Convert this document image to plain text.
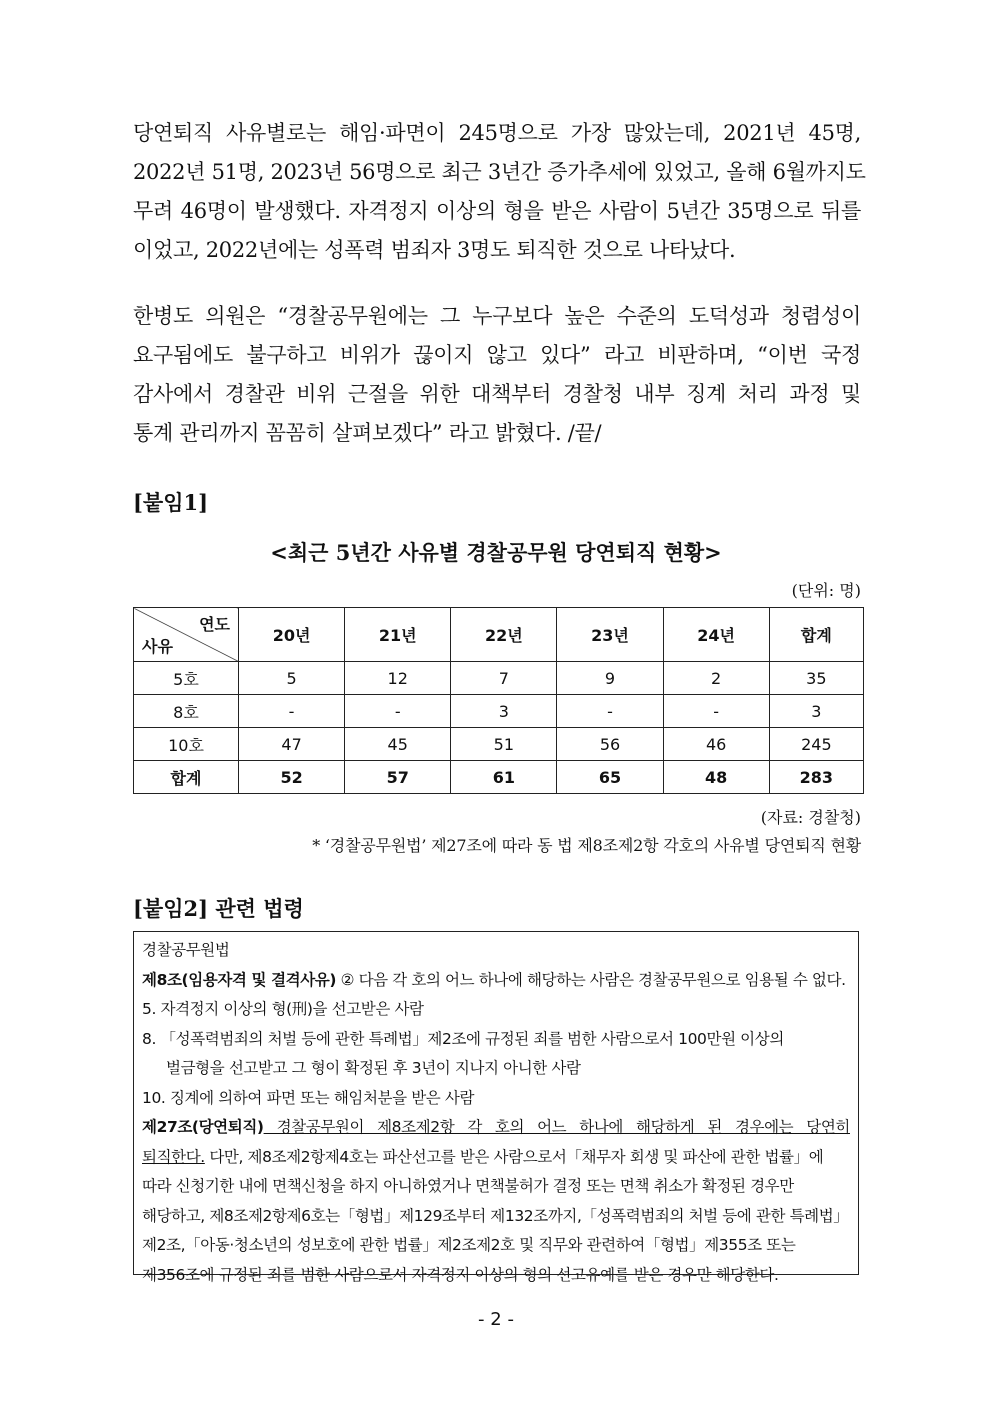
당연퇴직 사유별로는 해임·파면이 245명으로 가장 많았는데, 2021년 45명,
2022년 51명, 2023년 56명으로 최근 3년간 증가추세에 있었고, 올해 6월까지도
무려 46명이 발생했다. 자격정지 이상의 형을 받은 사람이 5년간 35명으로 뒤를
이었고, 2022년에는 성폭력 범죄자 3명도 퇴직한 것으로 나타났다.

한병도 의원은 “경찰공무원에는 그 누구보다 높은 수준의 도덕성과 청렴성이
요구됨에도 불구하고 비위가 끊이지 않고 있다” 라고 비판하며, “이번 국정
감사에서 경찰관 비위 근절을 위한 대책부터 경찰청 내부 징계 처리 과정 및
통계 관리까지 꼼꼼히 살펴보겠다” 라고 밝혔다. /끝/

[붙임1]

<최근 5년간 사유별 경찰공무원 당연퇴직 현황>

(단위: 명)

연도
사유	20년	21년	22년	23년	24년	합계
5호	5	12	7	9	2	35
8호	-	-	3	-	-	3
10호	47	45	51	56	46	245
합계	52	57	61	65	48	283

(자료: 경찰청)

* ‘경찰공무원법’ 제27조에 따라 동 법 제8조제2항 각호의 사유별 당연퇴직 현황

[붙임2] 관련 법령

경찰공무원법
제8조(임용자격 및 결격사유) ② 다음 각 호의 어느 하나에 해당하는 사람은 경찰공무원으로 임용될 수 없다.
5. 자격정지 이상의 형(刑)을 선고받은 사람
8. 「성폭력범죄의 처벌 등에 관한 특례법」제2조에 규정된 죄를 범한 사람으로서 100만원 이상의
벌금형을 선고받고 그 형이 확정된 후 3년이 지나지 아니한 사람
10. 징계에 의하여 파면 또는 해임처분을 받은 사람
제27조(당연퇴직) 경찰공무원이 제8조제2항 각 호의 어느 하나에 해당하게 된 경우에는 당연히
퇴직한다. 다만, 제8조제2항제4호는 파산선고를 받은 사람으로서「채무자 회생 및 파산에 관한 법률」에
따라 신청기한 내에 면책신청을 하지 아니하였거나 면책불허가 결정 또는 면책 취소가 확정된 경우만
해당하고, 제8조제2항제6호는「형법」제129조부터 제132조까지,「성폭력범죄의 처벌 등에 관한 특례법」
제2조,「아동·청소년의 성보호에 관한 법률」제2조제2호 및 직무와 관련하여「형법」제355조 또는
제356조에 규정된 죄를 범한 사람으로서 자격정지 이상의 형의 선고유예를 받은 경우만 해당한다.

- 2 -
